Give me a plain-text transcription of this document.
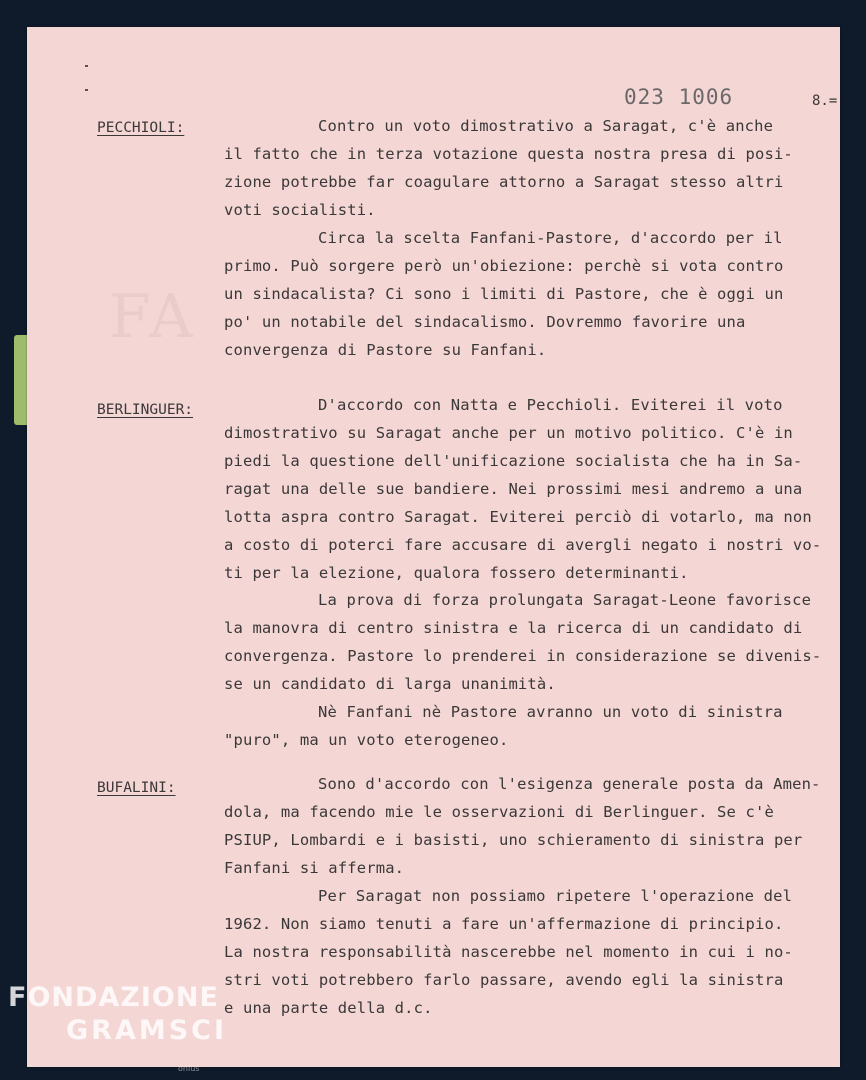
FA
023 1006	8.=
PECCHIOLI:	Contro un voto dimostrativo a Saragat, c'è anche
il fatto che in terza votazione questa nostra presa di posi-
zione potrebbe far coagulare attorno a Saragat stesso altri
voti socialisti.
Circa la scelta Fanfani-Pastore, d'accordo per il
primo. Può sorgere però un'obiezione: perchè si vota contro
un sindacalista? Ci sono i limiti di Pastore, che è oggi un
po' un notabile del sindacalismo. Dovremmo favorire una
convergenza di Pastore su Fanfani.
BERLINGUER:	D'accordo con Natta e Pecchioli. Eviterei il voto
dimostrativo su Saragat anche per un motivo politico. C'è in
piedi la questione dell'unificazione socialista che ha in Sa-
ragat una delle sue bandiere. Nei prossimi mesi andremo a una
lotta aspra contro Saragat. Eviterei perciò di votarlo, ma non
a costo di poterci fare accusare di avergli negato i nostri vo-
ti per la elezione, qualora fossero determinanti.
La prova di forza prolungata Saragat-Leone favorisce
la manovra di centro sinistra e la ricerca di un candidato di
convergenza. Pastore lo prenderei in considerazione se divenis-
se un candidato di larga unanimità.
Nè Fanfani nè Pastore avranno un voto di sinistra
"puro", ma un voto eterogeneo.
BUFALINI:	Sono d'accordo con l'esigenza generale posta da Amen-
dola, ma facendo mie le osservazioni di Berlinguer. Se c'è
PSIUP, Lombardi e i basisti, uno schieramento di sinistra per
Fanfani si afferma.
Per Saragat non possiamo ripetere l'operazione del
1962. Non siamo tenuti a fare un'affermazione di principio.
La nostra responsabilità nascerebbe nel momento in cui i no-
stri voti potrebbero farlo passare, avendo egli la sinistra
e una parte della d.c.
FONDAZIONE
GRAMSCI
onlus
